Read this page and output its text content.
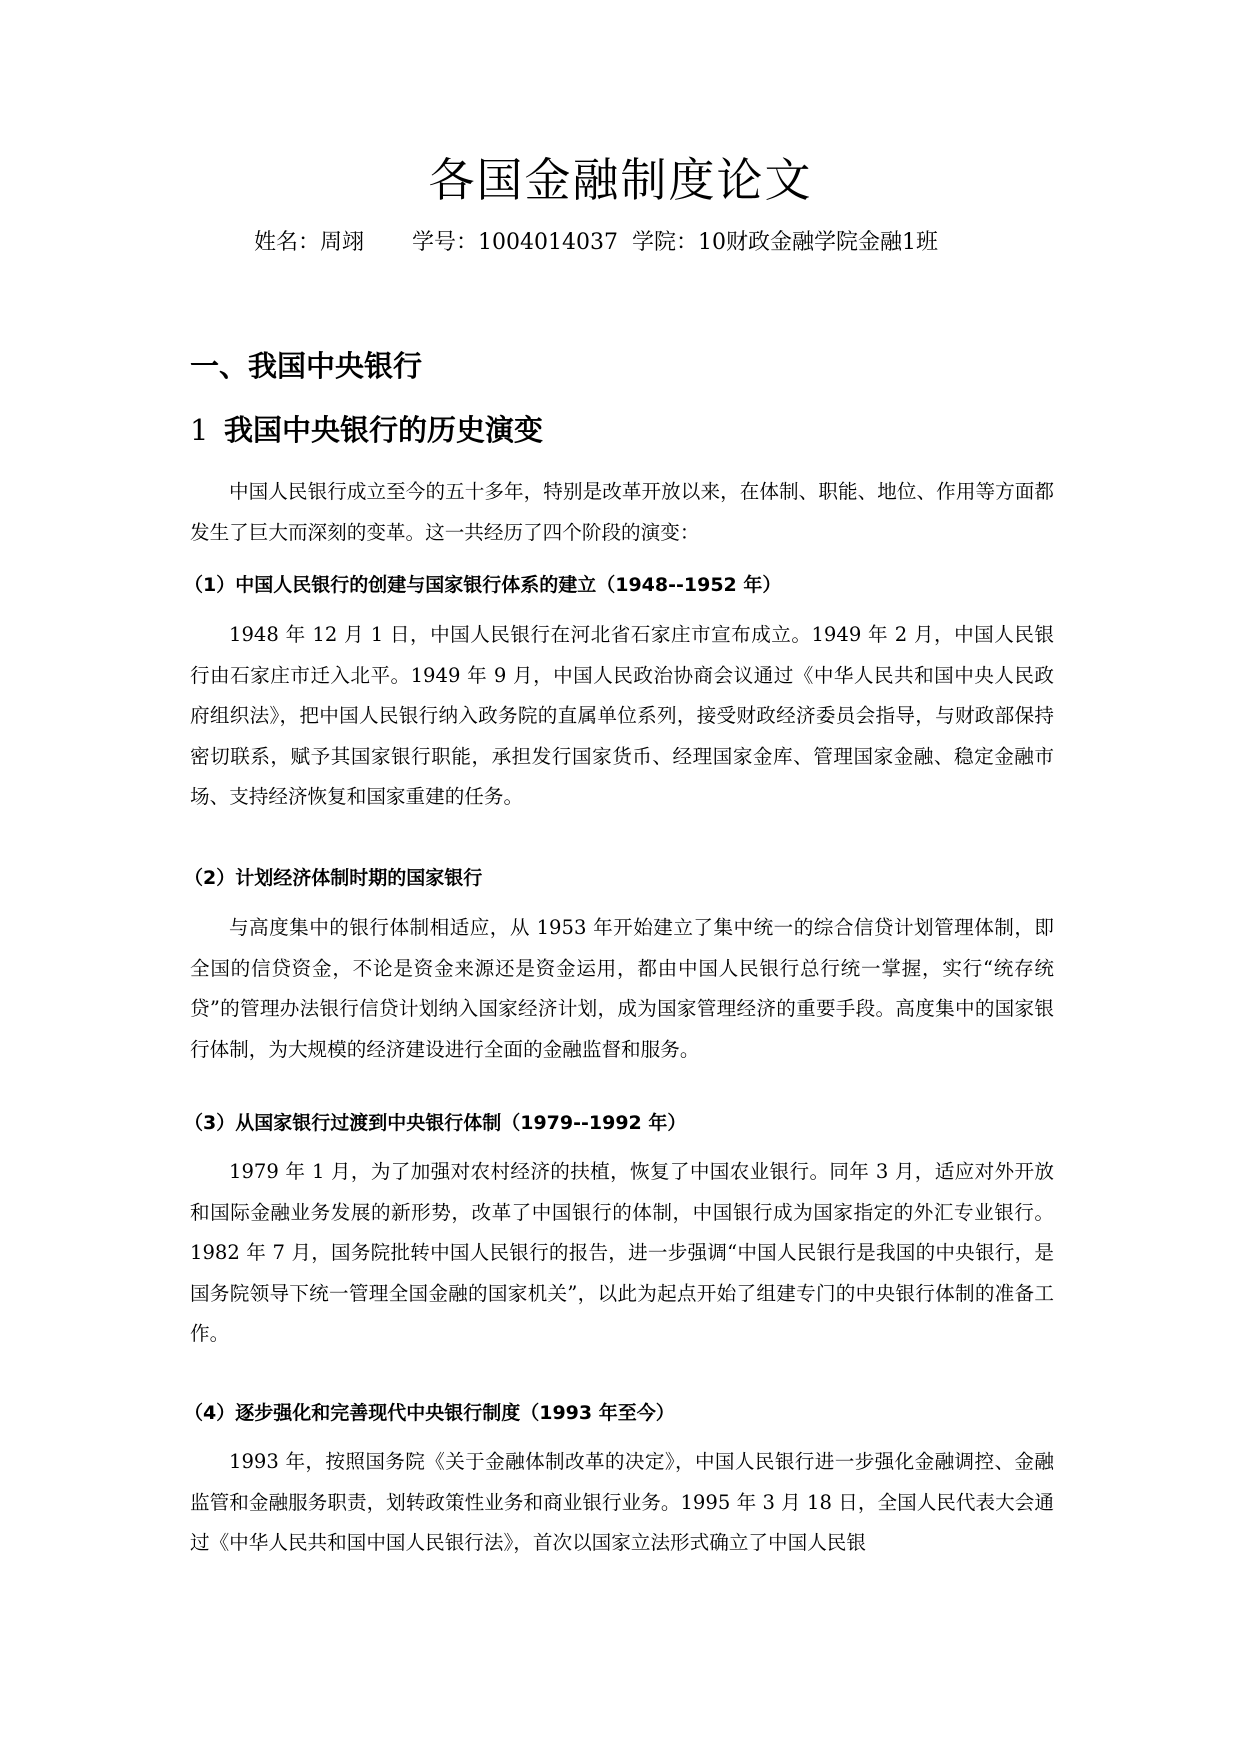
各国金融制度论文
姓名：周翊 学号：1004014037 学院：10财政金融学院金融1班
一、我国中央银行
1 我国中央银行的历史演变

中国人民银行成立至今的五十多年，特别是改革开放以来，在体制、职能、地位、作用等方面都发生了巨大而深刻的变革。这一共经历了四个阶段的演变：

（1）中国人民银行的创建与国家银行体系的建立（1948--1952 年）

1948 年 12 月 1 日，中国人民银行在河北省石家庄市宣布成立。1949 年 2 月，中国人民银行由石家庄市迁入北平。1949 年 9 月，中国人民政治协商会议通过《中华人民共和国中央人民政府组织法》，把中国人民银行纳入政务院的直属单位系列，接受财政经济委员会指导，与财政部保持密切联系，赋予其国家银行职能，承担发行国家货币、经理国家金库、管理国家金融、稳定金融市场、支持经济恢复和国家重建的任务。

（2）计划经济体制时期的国家银行

与高度集中的银行体制相适应，从 1953 年开始建立了集中统一的综合信贷计划管理体制，即全国的信贷资金，不论是资金来源还是资金运用，都由中国人民银行总行统一掌握，实行“统存统贷”的管理办法银行信贷计划纳入国家经济计划，成为国家管理经济的重要手段。高度集中的国家银行体制，为大规模的经济建设进行全面的金融监督和服务。

（3）从国家银行过渡到中央银行体制（1979--1992 年）

1979 年 1 月，为了加强对农村经济的扶植，恢复了中国农业银行。同年 3 月，适应对外开放和国际金融业务发展的新形势，改革了中国银行的体制，中国银行成为国家指定的外汇专业银行。1982 年 7 月，国务院批转中国人民银行的报告，进一步强调“中国人民银行是我国的中央银行，是国务院领导下统一管理全国金融的国家机关”，以此为起点开始了组建专门的中央银行体制的准备工作。

（4）逐步强化和完善现代中央银行制度（1993 年至今）

1993 年，按照国务院《关于金融体制改革的决定》，中国人民银行进一步强化金融调控、金融监管和金融服务职责，划转政策性业务和商业银行业务。1995 年 3 月 18 日，全国人民代表大会通过《中华人民共和国中国人民银行法》，首次以国家立法形式确立了中国人民银
